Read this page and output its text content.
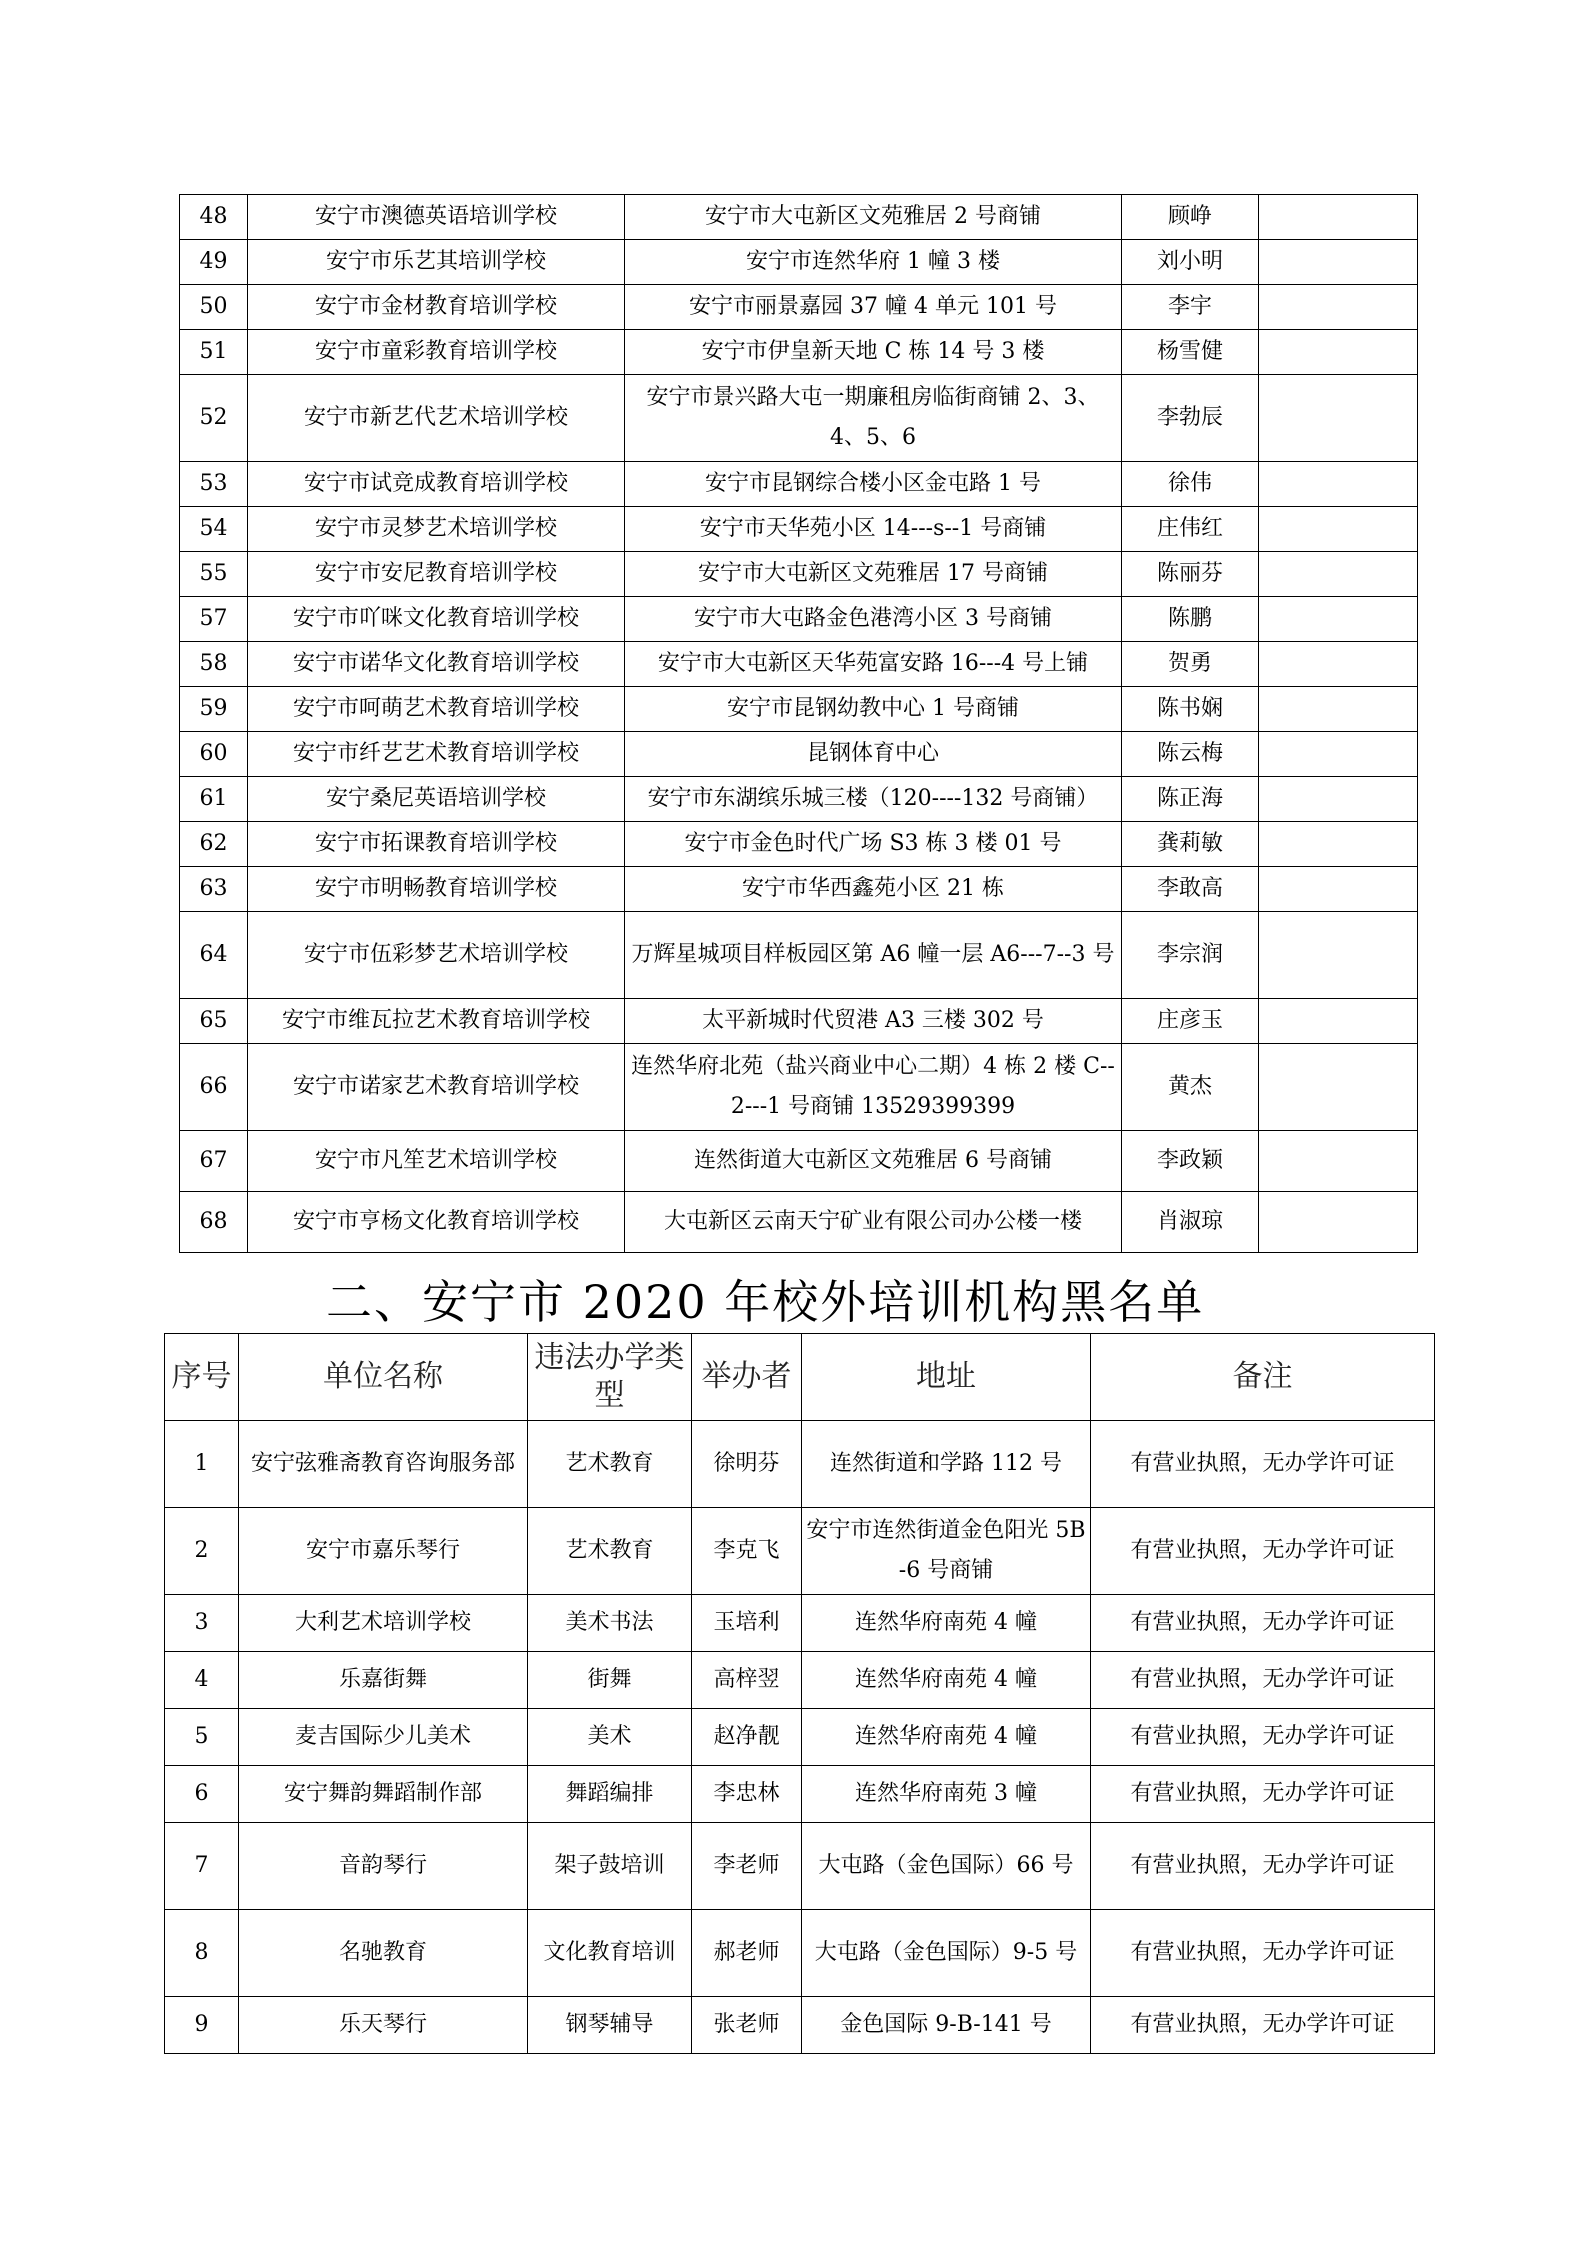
48	安宁市澳德英语培训学校	安宁市大屯新区文苑雅居 2 号商铺	顾峥	
49	安宁市乐艺其培训学校	安宁市连然华府 1 幢 3 楼	刘小明	
50	安宁市金材教育培训学校	安宁市丽景嘉园 37 幢 4 单元 101 号	李宇	
51	安宁市童彩教育培训学校	安宁市伊皇新天地 C 栋 14 号 3 楼	杨雪健	
52	安宁市新艺代艺术培训学校	安宁市景兴路大屯一期廉租房临街商铺 2、3、4、5、6	李勃辰	
53	安宁市试竞成教育培训学校	安宁市昆钢综合楼小区金屯路 1 号	徐伟	
54	安宁市灵梦艺术培训学校	安宁市天华苑小区 14---s--1 号商铺	庄伟红	
55	安宁市安尼教育培训学校	安宁市大屯新区文苑雅居 17 号商铺	陈丽芬	
57	安宁市吖咪文化教育培训学校	安宁市大屯路金色港湾小区 3 号商铺	陈鹏	
58	安宁市诺华文化教育培训学校	安宁市大屯新区天华苑富安路 16---4 号上铺	贺勇	
59	安宁市呵萌艺术教育培训学校	安宁市昆钢幼教中心 1 号商铺	陈书娴	
60	安宁市纤艺艺术教育培训学校	昆钢体育中心	陈云梅	
61	安宁桑尼英语培训学校	安宁市东湖缤乐城三楼（120----132 号商铺）	陈正海	
62	安宁市拓课教育培训学校	安宁市金色时代广场 S3 栋 3 楼 01 号	龚莉敏	
63	安宁市明畅教育培训学校	安宁市华西鑫苑小区 21 栋	李敢高	
64	安宁市伍彩梦艺术培训学校	万辉星城项目样板园区第 A6 幢一层 A6---7--3 号	李宗润	
65	安宁市维瓦拉艺术教育培训学校	太平新城时代贸港 A3 三楼 302 号	庄彦玉	
66	安宁市诺家艺术教育培训学校	连然华府北苑（盐兴商业中心二期）4 栋 2 楼 C--2---1 号商铺 13529399399	黄杰	
67	安宁市凡笙艺术培训学校	连然街道大屯新区文苑雅居 6 号商铺	李政颖	
68	安宁市亨杨文化教育培训学校	大屯新区云南天宁矿业有限公司办公楼一楼	肖淑琼	
二、安宁市 2020 年校外培训机构黑名单
序号	单位名称	违法办学类型	举办者	地址	备注
1	安宁弦雅斋教育咨询服务部	艺术教育	徐明芬	连然街道和学路 112 号	有营业执照，无办学许可证
2	安宁市嘉乐琴行	艺术教育	李克飞	安宁市连然街道金色阳光 5B-6 号商铺	有营业执照，无办学许可证
3	大利艺术培训学校	美术书法	玉培利	连然华府南苑 4 幢	有营业执照，无办学许可证
4	乐嘉街舞	街舞	高梓翌	连然华府南苑 4 幢	有营业执照，无办学许可证
5	麦吉国际少儿美术	美术	赵净靓	连然华府南苑 4 幢	有营业执照，无办学许可证
6	安宁舞韵舞蹈制作部	舞蹈编排	李忠林	连然华府南苑 3 幢	有营业执照，无办学许可证
7	音韵琴行	架子鼓培训	李老师	大屯路（金色国际）66 号	有营业执照，无办学许可证
8	名驰教育	文化教育培训	郝老师	大屯路（金色国际）9-5 号	有营业执照，无办学许可证
9	乐天琴行	钢琴辅导	张老师	金色国际 9-B-141 号	有营业执照，无办学许可证
